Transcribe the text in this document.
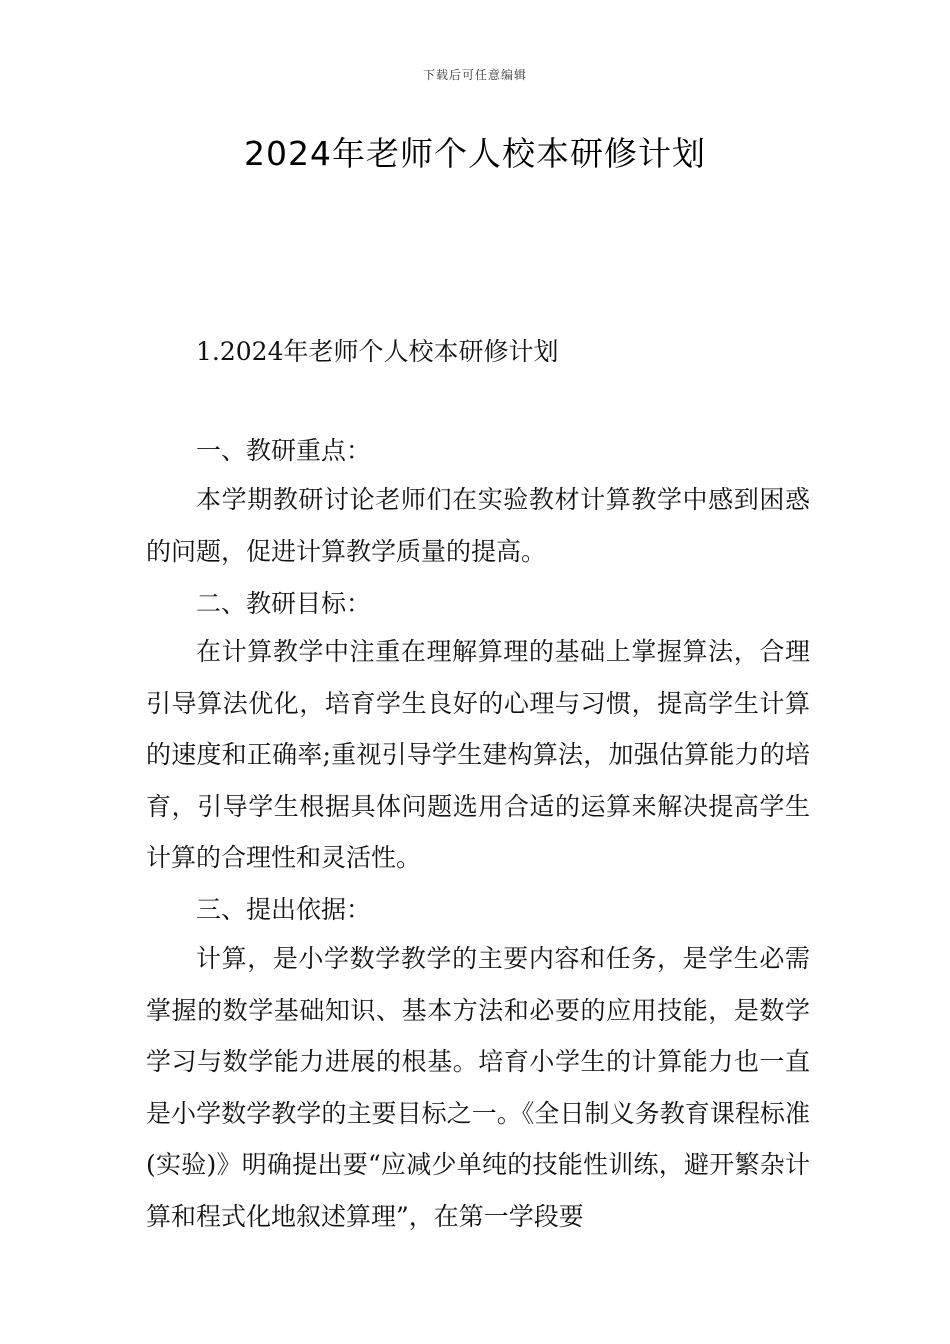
下载后可任意编辑
2024年老师个人校本研修计划

1.2024年老师个人校本研修计划

一、教研重点：

本学期教研讨论老师们在实验教材计算教学中感到困惑的问题，促进计算教学质量的提高。

二、教研目标：

在计算教学中注重在理解算理的基础上掌握算法，合理引导算法优化，培育学生良好的心理与习惯，提高学生计算的速度和正确率;重视引导学生建构算法，加强估算能力的培育，引导学生根据具体问题选用合适的运算来解决提高学生计算的合理性和灵活性。

三、提出依据：

计算，是小学数学教学的主要内容和任务，是学生必需掌握的数学基础知识、基本方法和必要的应用技能，是数学学习与数学能力进展的根基。培育小学生的计算能力也一直是小学数学教学的主要目标之一。《全日制义务教育课程标准(实验)》明确提出要“应减少单纯的技能性训练，避开繁杂计算和程式化地叙述算理”，在第一学段要
